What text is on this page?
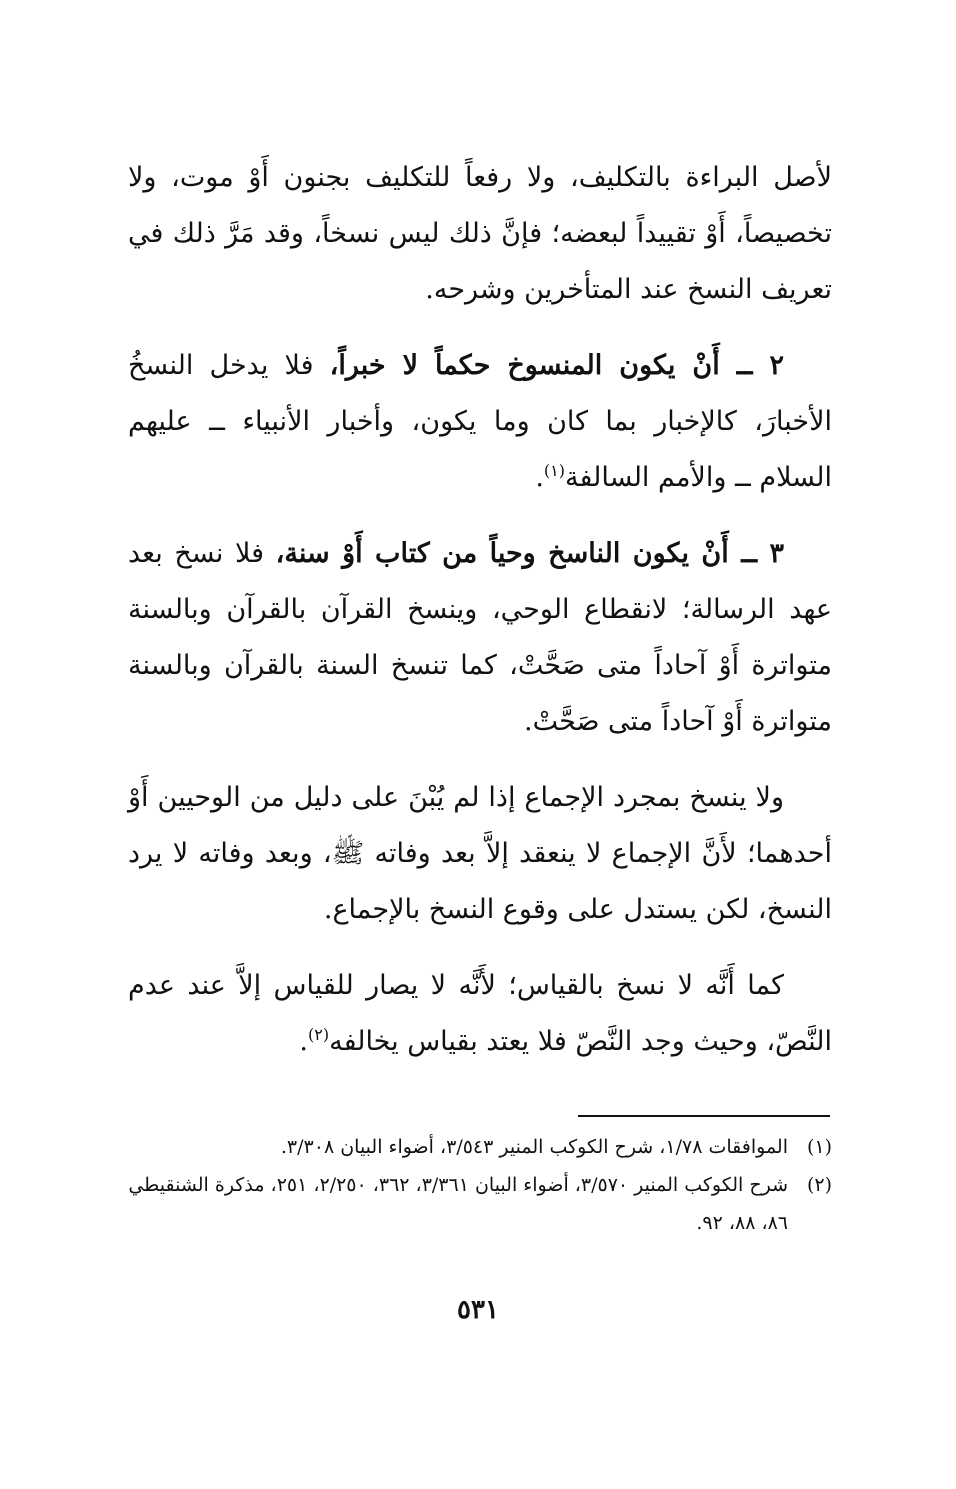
لأصل البراءة بالتكليف، ولا رفعاً للتكليف بجنون أَوْ موت، ولا تخصيصاً، أَوْ تقييداً لبعضه؛ فإنَّ ذلك ليس نسخاً، وقد مَرَّ ذلك في تعريف النسخ عند المتأخرين وشرحه.

٢ ــ أَنْ يكون المنسوخ حكماً لا خبراً، فلا يدخل النسخُ الأخبارَ، كالإخبار بما كان وما يكون، وأخبار الأنبياء ــ عليهم السلام ــ والأمم السالفة$^{(١)}$.

٣ ــ أَنْ يكون الناسخ وحياً من كتاب أَوْ سنة، فلا نسخ بعد عهد الرسالة؛ لانقطاع الوحي، وينسخ القرآن بالقرآن وبالسنة متواترة أَوْ آحاداً متى صَحَّتْ، كما تنسخ السنة بالقرآن وبالسنة متواترة أَوْ آحاداً متى صَحَّتْ.

ولا ينسخ بمجرد الإجماع إذا لم يُبْنَ على دليل من الوحيين أَوْ أحدهما؛ لأَنَّ الإجماع لا ينعقد إلاَّ بعد وفاته ﷺ، وبعد وفاته لا يرد النسخ، لكن يستدل على وقوع النسخ بالإجماع.

كما أَنَّه لا نسخ بالقياس؛ لأَنَّه لا يصار للقياس إلاَّ عند عدم النَّصّ، وحيث وجد النَّصّ فلا يعتد بقياس يخالفه$^{(٢)}$.

(١)الموافقات ١/٧٨، شرح الكوكب المنير ٣/٥٤٣، أضواء البيان ٣/٣٠٨.

(٢)شرح الكوكب المنير ٣/٥٧٠، أضواء البيان ٣/٣٦١، ٣٦٢، ٢/٢٥٠، ٢٥١، مذكرة الشنقيطي ٨٦، ٨٨، ٩٢.

٥٣١
